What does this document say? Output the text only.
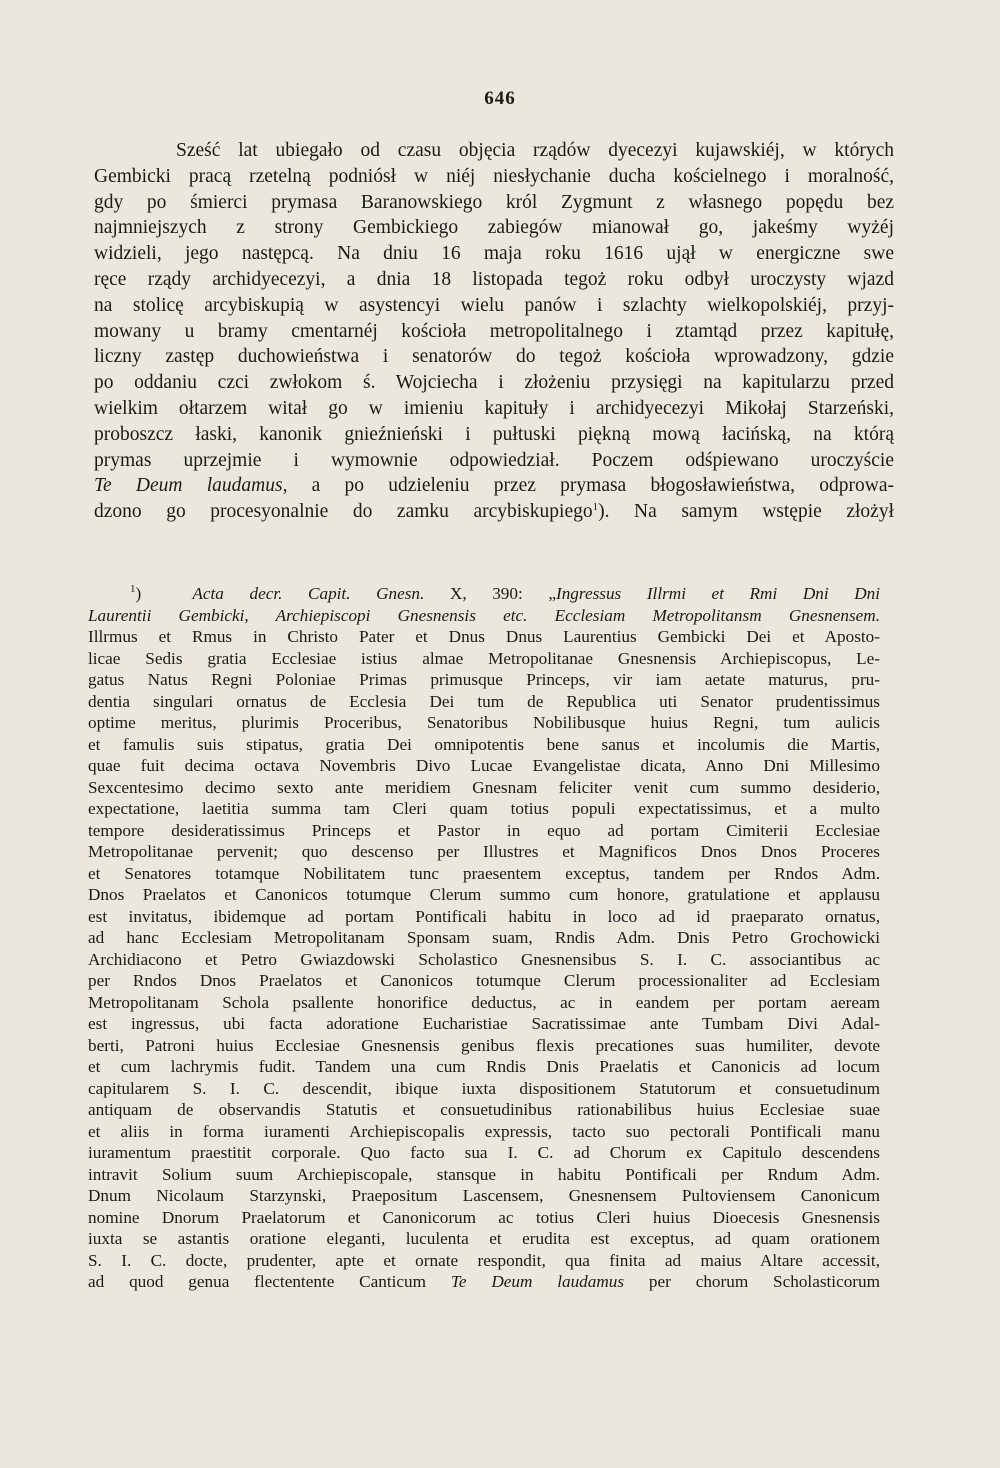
646
Sześć lat ubiegało od czasu objęcia rządów dyecezyi kujawskiéj, w których
Gembicki pracą rzetelną podniósł w niéj niesłychanie ducha kościelnego i moralność,
gdy po śmierci prymasa Baranowskiego król Zygmunt z własnego popędu bez
najmniejszych z strony Gembickiego zabiegów mianował go, jakeśmy wyżéj
widzieli, jego następcą. Na dniu 16 maja roku 1616 ujął w energiczne swe
ręce rządy archidyecezyi, a dnia 18 listopada tegoż roku odbył uroczysty wjazd
na stolicę arcybiskupią w asystencyi wielu panów i szlachty wielkopolskiéj, przyj-
mowany u bramy cmentarnéj kościoła metropolitalnego i ztamtąd przez kapitułę,
liczny zastęp duchowieństwa i senatorów do tegoż kościoła wprowadzony, gdzie
po oddaniu czci zwłokom ś. Wojciecha i złożeniu przysięgi na kapitularzu przed
wielkim ołtarzem witał go w imieniu kapituły i archidyecezyi Mikołaj Starzeński,
proboszcz łaski, kanonik gnieźnieński i pułtuski piękną mową łacińską, na którą
prymas uprzejmie i wymownie odpowiedział. Poczem odśpiewano uroczyście
Te Deum laudamus, a po udzieleniu przez prymasa błogosławieństwa, odprowa-
dzono go procesyonalnie do zamku arcybiskupiego$^1$). Na samym wstępie złożył
$^1$)  Acta decr. Capit. Gnesn. X, 390: „Ingressus Illrmi et Rmi Dni Dni
Laurentii Gembicki, Archiepiscopi Gnesnensis etc. Ecclesiam Metropolitansm Gnesnensem.
Illrmus et Rmus in Christo Pater et Dnus Dnus Laurentius Gembicki Dei et Aposto-
licae Sedis gratia Ecclesiae istius almae Metropolitanae Gnesnensis Archiepiscopus, Le-
gatus Natus Regni Poloniae Primas primusque Princeps, vir iam aetate maturus, pru-
dentia singulari ornatus de Ecclesia Dei tum de Republica uti Senator prudentissimus
optime meritus, plurimis Proceribus, Senatoribus Nobilibusque huius Regni, tum aulicis
et famulis suis stipatus, gratia Dei omnipotentis bene sanus et incolumis die Martis,
quae fuit decima octava Novembris Divo Lucae Evangelistae dicata, Anno Dni Millesimo
Sexcentesimo decimo sexto ante meridiem Gnesnam feliciter venit cum summo desiderio,
expectatione, laetitia summa tam Cleri quam totius populi expectatissimus, et a multo
tempore desideratissimus Princeps et Pastor in equo ad portam Cimiterii Ecclesiae
Metropolitanae pervenit; quo descenso per Illustres et Magnificos Dnos Dnos Proceres
et Senatores totamque Nobilitatem tunc praesentem exceptus, tandem per Rndos Adm.
Dnos Praelatos et Canonicos totumque Clerum summo cum honore, gratulatione et applausu
est invitatus, ibidemque ad portam Pontificali habitu in loco ad id praeparato ornatus,
ad hanc Ecclesiam Metropolitanam Sponsam suam, Rndis Adm. Dnis Petro Grochowicki
Archidiacono et Petro Gwiazdowski Scholastico Gnesnensibus S. I. C. associantibus ac
per Rndos Dnos Praelatos et Canonicos totumque Clerum processionaliter ad Ecclesiam
Metropolitanam Schola psallente honorifice deductus, ac in eandem per portam aeream
est ingressus, ubi facta adoratione Eucharistiae Sacratissimae ante Tumbam Divi Adal-
berti, Patroni huius Ecclesiae Gnesnensis genibus flexis precationes suas humiliter, devote
et cum lachrymis fudit. Tandem una cum Rndis Dnis Praelatis et Canonicis ad locum
capitularem S. I. C. descendit, ibique iuxta dispositionem Statutorum et consuetudinum
antiquam de observandis Statutis et consuetudinibus rationabilibus huius Ecclesiae suae
et aliis in forma iuramenti Archiepiscopalis expressis, tacto suo pectorali Pontificali manu
iuramentum praestitit corporale. Quo facto sua I. C. ad Chorum ex Capitulo descendens
intravit Solium suum Archiepiscopale, stansque in habitu Pontificali per Rndum Adm.
Dnum Nicolaum Starzynski, Praepositum Lascensem, Gnesnensem Pultoviensem Canonicum
nomine Dnorum Praelatorum et Canonicorum ac totius Cleri huius Dioecesis Gnesnensis
iuxta se astantis oratione eleganti, luculenta et erudita est exceptus, ad quam orationem
S. I. C. docte, prudenter, apte et ornate respondit, qua finita ad maius Altare accessit,
ad quod genua flectentente Canticum Te Deum laudamus per chorum Scholasticorum
